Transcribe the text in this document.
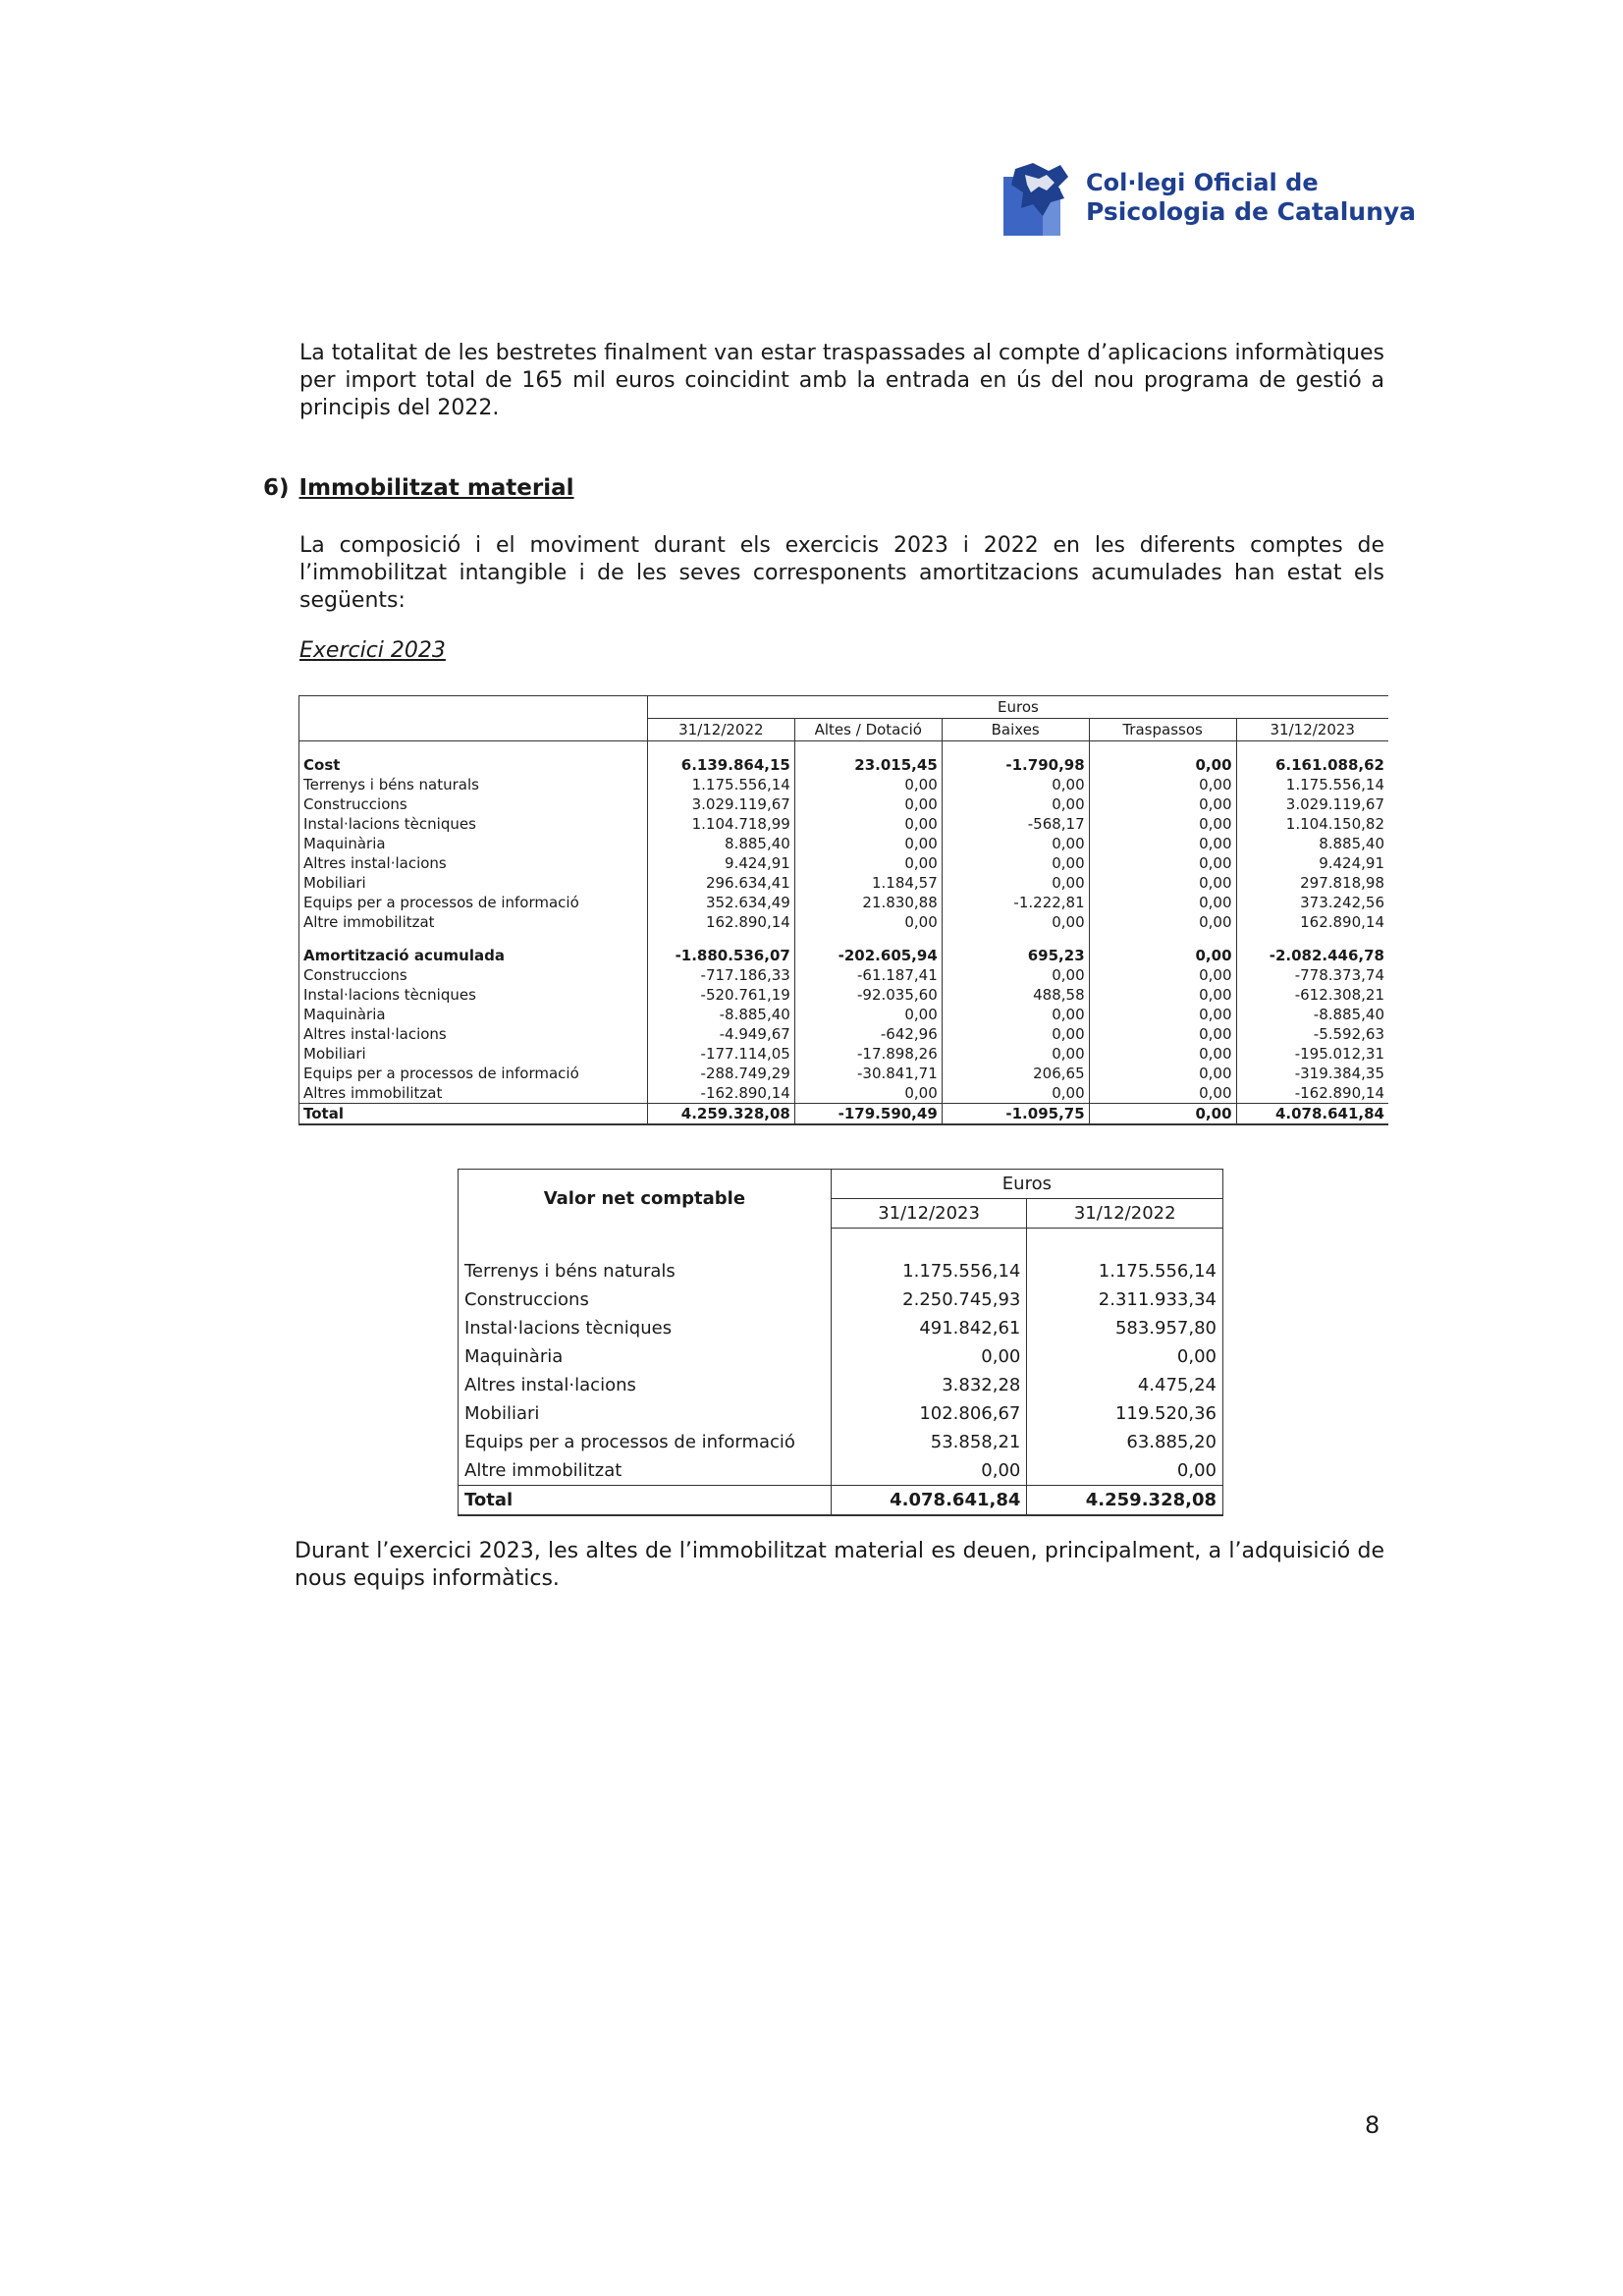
Col·legi Oficial de
Psicologia de Catalunya
La totalitat de les bestretes finalment van estar traspassades al compte d’aplicacions informàtiques per import total de 165 mil euros coincidint amb la entrada en ús del nou programa de gestió a principis del 2022.
6) Immobilitzat material
La composició i el moviment durant els exercicis 2023 i 2022 en les diferents comptes de l’immobilitzat intangible i de les seves corresponents amortitzacions acumulades han estat els següents:
Exercici 2023
	Euros				
	31/12/2022	Altes / Dotació	Baixes	Traspassos	31/12/2023

Cost	6.139.864,15	23.015,45	-1.790,98	0,00	6.161.088,62
Terrenys i béns naturals	1.175.556,14	0,00	0,00	0,00	1.175.556,14
Construccions	3.029.119,67	0,00	0,00	0,00	3.029.119,67
Instal·lacions tècniques	1.104.718,99	0,00	-568,17	0,00	1.104.150,82
Maquinària	8.885,40	0,00	0,00	0,00	8.885,40
Altres instal·lacions	9.424,91	0,00	0,00	0,00	9.424,91
Mobiliari	296.634,41	1.184,57	0,00	0,00	297.818,98
Equips per a processos de informació	352.634,49	21.830,88	-1.222,81	0,00	373.242,56
Altre immobilitzat	162.890,14	0,00	0,00	0,00	162.890,14

Amortització acumulada	-1.880.536,07	-202.605,94	695,23	0,00	-2.082.446,78
Construccions	-717.186,33	-61.187,41	0,00	0,00	-778.373,74
Instal·lacions tècniques	-520.761,19	-92.035,60	488,58	0,00	-612.308,21
Maquinària	-8.885,40	0,00	0,00	0,00	-8.885,40
Altres instal·lacions	-4.949,67	-642,96	0,00	0,00	-5.592,63
Mobiliari	-177.114,05	-17.898,26	0,00	0,00	-195.012,31
Equips per a processos de informació	-288.749,29	-30.841,71	206,65	0,00	-319.384,35
Altres immobilitzat	-162.890,14	0,00	0,00	0,00	-162.890,14
Total	4.259.328,08	-179.590,49	-1.095,75	0,00	4.078.641,84
Valor net comptable	Euros	
	31/12/2023	31/12/2022

Terrenys i béns naturals	1.175.556,14	1.175.556,14
Construccions	2.250.745,93	2.311.933,34
Instal·lacions tècniques	491.842,61	583.957,80
Maquinària	0,00	0,00
Altres instal·lacions	3.832,28	4.475,24
Mobiliari	102.806,67	119.520,36
Equips per a processos de informació	53.858,21	63.885,20
Altre immobilitzat	0,00	0,00
Total	4.078.641,84	4.259.328,08
Durant l’exercici 2023, les altes de l’immobilitzat material es deuen, principalment, a l’adquisició de nous equips informàtics.
8
